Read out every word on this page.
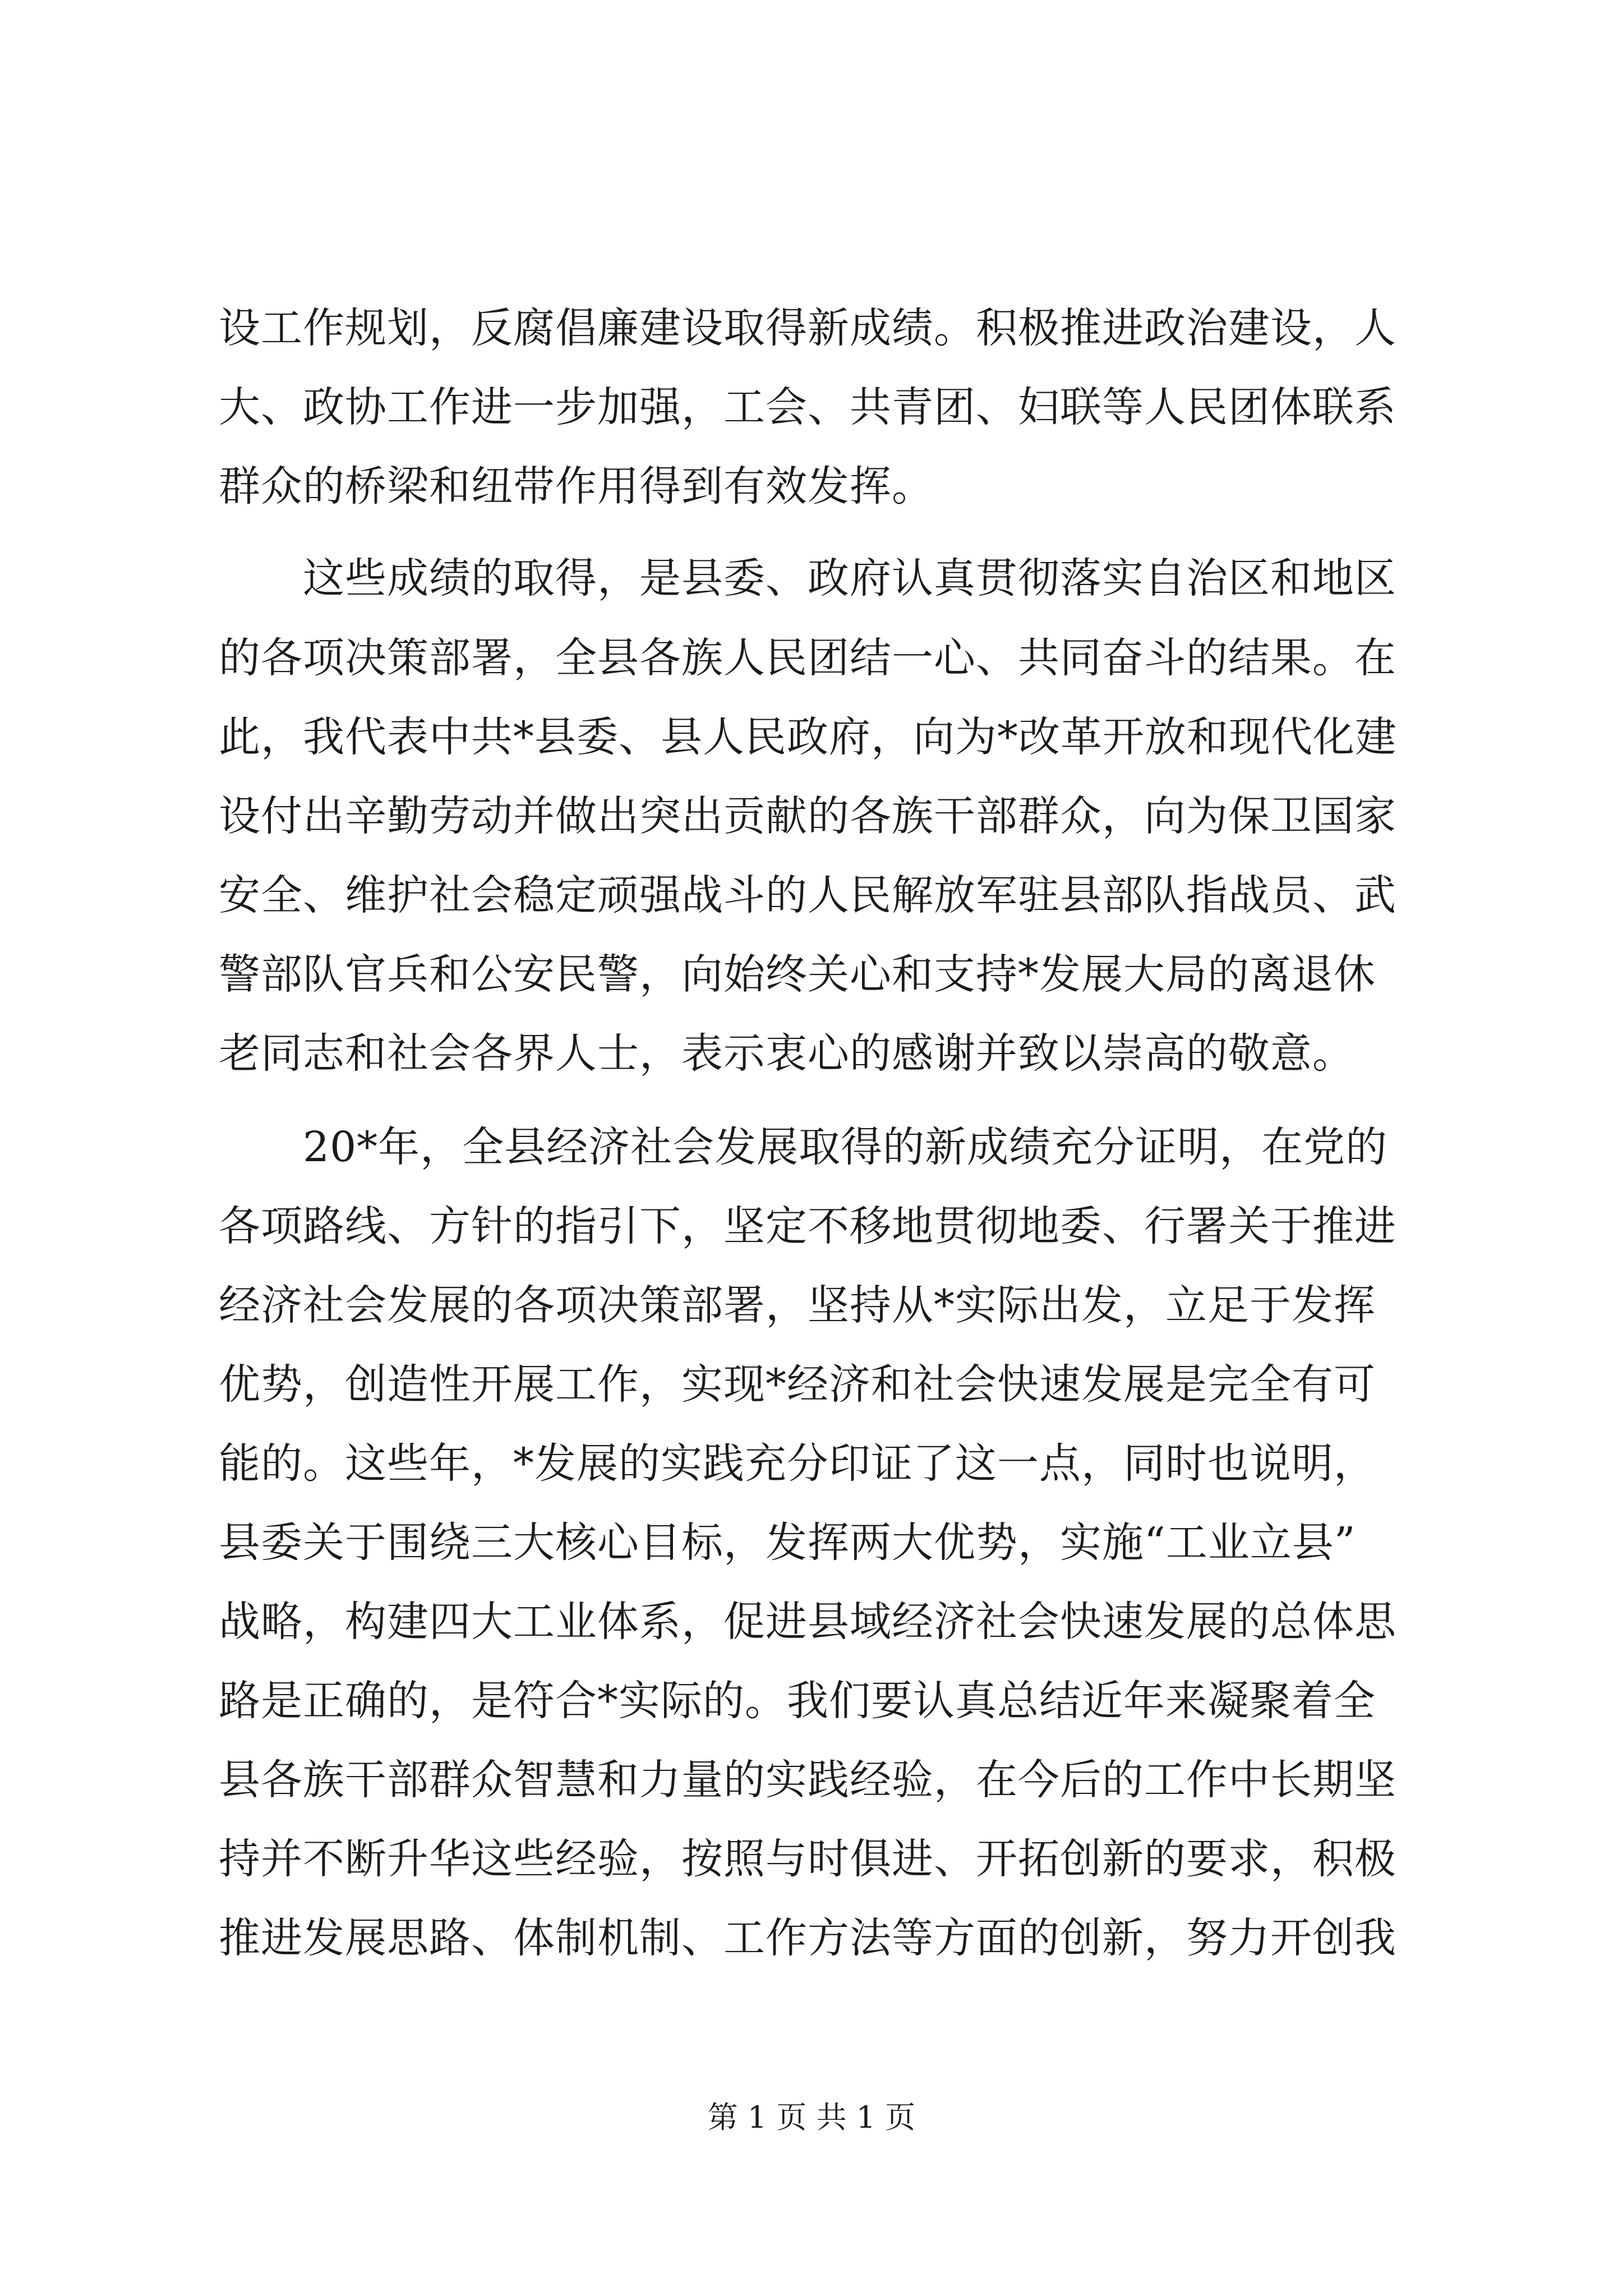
设工作规划，反腐倡廉建设取得新成绩。积极推进政治建设，人
大、政协工作进一步加强，工会、共青团、妇联等人民团体联系
群众的桥梁和纽带作用得到有效发挥。
这些成绩的取得，是县委、政府认真贯彻落实自治区和地区
的各项决策部署，全县各族人民团结一心、共同奋斗的结果。在
此，我代表中共*县委、县人民政府，向为*改革开放和现代化建
设付出辛勤劳动并做出突出贡献的各族干部群众，向为保卫国家
安全、维护社会稳定顽强战斗的人民解放军驻县部队指战员、武
警部队官兵和公安民警，向始终关心和支持*发展大局的离退休
老同志和社会各界人士，表示衷心的感谢并致以崇高的敬意。
20*年，全县经济社会发展取得的新成绩充分证明，在党的
各项路线、方针的指引下，坚定不移地贯彻地委、行署关于推进
经济社会发展的各项决策部署，坚持从*实际出发，立足于发挥
优势，创造性开展工作，实现*经济和社会快速发展是完全有可
能的。这些年，*发展的实践充分印证了这一点，同时也说明，
县委关于围绕三大核心目标，发挥两大优势，实施“工业立县”
战略，构建四大工业体系，促进县域经济社会快速发展的总体思
路是正确的，是符合*实际的。我们要认真总结近年来凝聚着全
县各族干部群众智慧和力量的实践经验，在今后的工作中长期坚
持并不断升华这些经验，按照与时俱进、开拓创新的要求，积极
推进发展思路、体制机制、工作方法等方面的创新，努力开创我
第 1 页 共 1 页
